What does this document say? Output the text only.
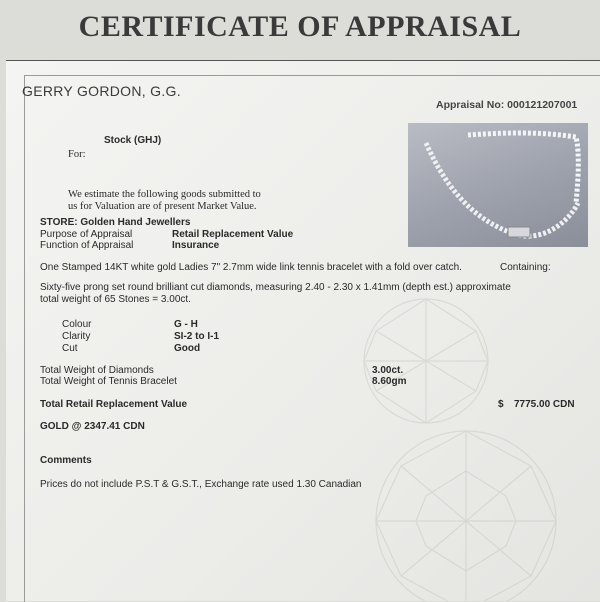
CERTIFICATE OF APPRAISAL
GERRY GORDON, G.G.
Appraisal No: 000121207001
Stock (GHJ)
For:
We estimate the following goods submitted to
us for Valuation are of present Market Value.
STORE: Golden Hand Jewellers
Purpose of Appraisal	Retail Replacement Value
Function of Appraisal	Insurance
One Stamped 14KT white gold Ladies 7" 2.7mm wide link tennis bracelet with a fold over catch.	Containing:
Sixty-five prong set round brilliant cut diamonds, measuring 2.40 - 2.30 x 1.41mm (depth est.) approximate
total weight of 65 Stones = 3.00ct.
Colour	G - H
Clarity	SI-2 to I-1
Cut	Good
Total Weight of Diamonds	3.00ct.
Total Weight of Tennis Bracelet	8.60gm
Total Retail Replacement Value	$ 7775.00 CDN
GOLD @ 2347.41 CDN
Comments
Prices do not include P.S.T & G.S.T., Exchange rate used 1.30 Canadian
